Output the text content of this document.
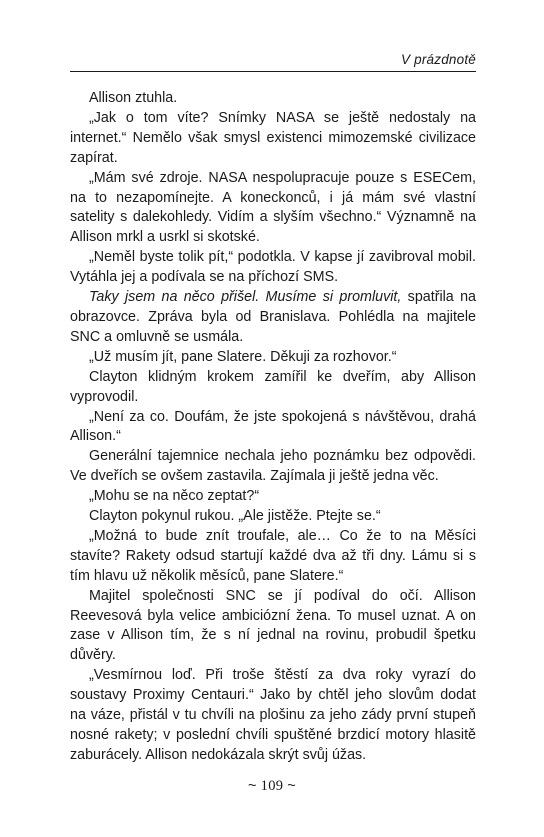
V prázdnotě

Allison ztuhla.

„Jak o tom víte? Snímky NASA se ještě nedostaly na internet.“ Nemělo však smysl existenci mimozemské civilizace zapírat.

„Mám své zdroje. NASA nespolupracuje pouze s ESECem, na to nezapomínejte. A koneckonců, i já mám své vlastní satelity s dalekohledy. Vidím a slyším všechno.“ Významně na Allison mrkl a usrkl si skotské.

„Neměl byste tolik pít,“ podotkla. V kapse jí zavibroval mobil. Vytáhla jej a podívala se na příchozí SMS.

Taky jsem na něco přišel. Musíme si promluvit, spatřila na obrazovce. Zpráva byla od Branislava. Pohlédla na majitele SNC a omluvně se usmála.

„Už musím jít, pane Slatere. Děkuji za rozhovor.“

Clayton klidným krokem zamířil ke dveřím, aby Allison vyprovodil.

„Není za co. Doufám, že jste spokojená s návštěvou, drahá Allison.“

Generální tajemnice nechala jeho poznámku bez odpovědi. Ve dveřích se ovšem zastavila. Zajímala ji ještě jedna věc.

„Mohu se na něco zeptat?“

Clayton pokynul rukou. „Ale jistěže. Ptejte se.“

„Možná to bude znít troufale, ale… Co že to na Měsíci stavíte? Rakety odsud startují každé dva až tři dny. Lámu si s tím hlavu už několik měsíců, pane Slatere.“

Majitel společnosti SNC se jí podíval do očí. Allison Reevesová byla velice ambiciózní žena. To musel uznat. A on zase v Allison tím, že s ní jednal na rovinu, probudil špetku důvěry.

„Vesmírnou loď. Při troše štěstí za dva roky vyrazí do soustavy Proximy Centauri.“ Jako by chtěl jeho slovům dodat na váze, přistál v tu chvíli na plošinu za jeho zády první stupeň nosné rakety; v poslední chvíli spuštěné brzdicí motory hlasitě zaburácely. Allison nedokázala skrýt svůj úžas.

~ 109 ~
